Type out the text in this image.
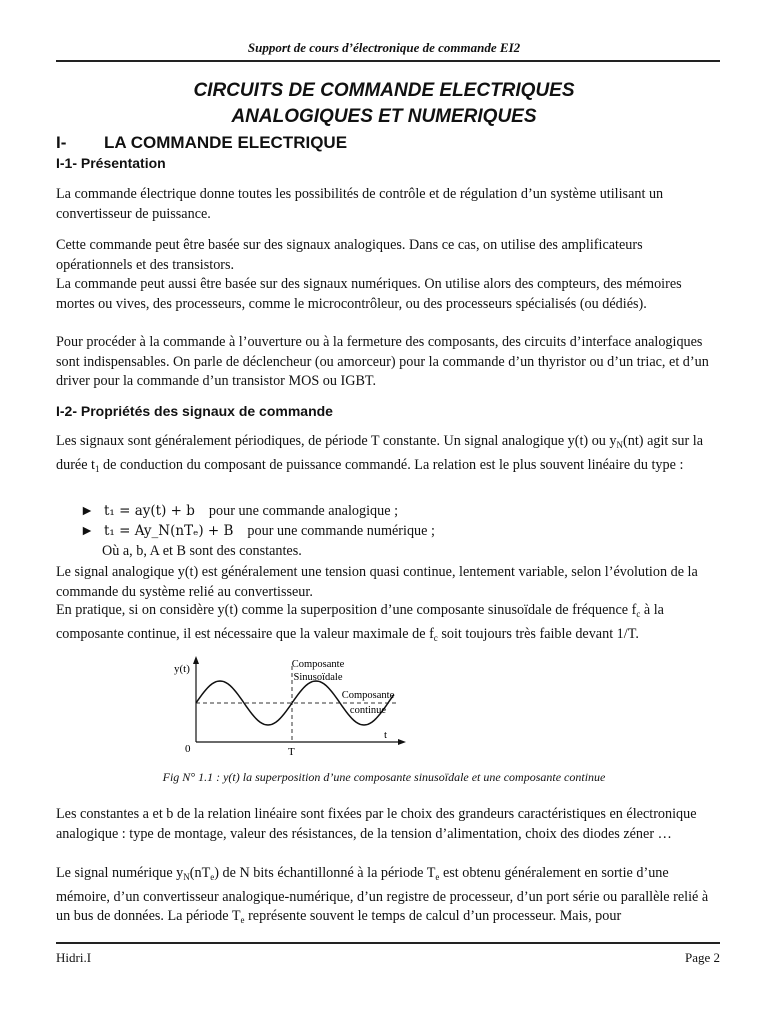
Support de cours d’électronique de commande EI2
CIRCUITS DE COMMANDE ELECTRIQUES
ANALOGIQUES ET NUMERIQUES
I- LA COMMANDE ELECTRIQUE
I-1- Présentation
La commande électrique donne toutes les possibilités de contrôle et de régulation d’un système utilisant un convertisseur de puissance.
Cette commande peut être basée sur des signaux analogiques. Dans ce cas, on utilise des amplificateurs opérationnels et des transistors.
La commande peut aussi être basée sur des signaux numériques. On utilise alors des compteurs, des mémoires mortes ou vives, des processeurs, comme le microcontrôleur, ou des processeurs spécialisés (ou dédiés).
Pour procéder à la commande à l’ouverture ou à la fermeture des composants, des circuits d’interface analogiques sont indispensables. On parle de déclencheur (ou amorceur) pour la commande d’un thyristor ou d’un triac, et d’un driver pour la commande d’un transistor MOS ou IGBT.
I-2- Propriétés des signaux de commande
Les signaux sont généralement périodiques, de période T constante. Un signal analogique y(t) ou $y_N(nt)$ agit sur la durée $t_1$ de conduction du composant de puissance commandé. La relation est le plus souvent linéaire du type :
► t₁ = ay(t) + b pour une commande analogique ;
► t₁ = Ay_N(nTₑ) + B pour une commande numérique ;
Où a, b, A et B sont des constantes.
Le signal analogique y(t) est généralement une tension quasi continue, lentement variable, selon l’évolution de la commande du système relié au convertisseur.
En pratique, si on considère y(t) comme la superposition d’une composante sinusoïdale de fréquence $f_c$ à la composante continue, il est nécessaire que la valeur maximale de $f_c$ soit toujours très faible devant 1/T.
y(t)
t
0	T
Composante
Sinusoïdale
Composante
continue
Fig N° 1.1 : y(t) la superposition d’une composante sinusoïdale et une composante continue
Les constantes a et b de la relation linéaire sont fixées par le choix des grandeurs caractéristiques en électronique analogique : type de montage, valeur des résistances, de la tension d’alimentation, choix des diodes zéner …
Le signal numérique $y_N(nT_e)$ de N bits échantillonné à la période $T_e$ est obtenu généralement en sortie d’une mémoire, d’un convertisseur analogique-numérique, d’un registre de processeur, d’un port série ou parallèle relié à un bus de données. La période $T_e$ représente souvent le temps de calcul d’un processeur. Mais, pour
Hidri.I	Page 2
